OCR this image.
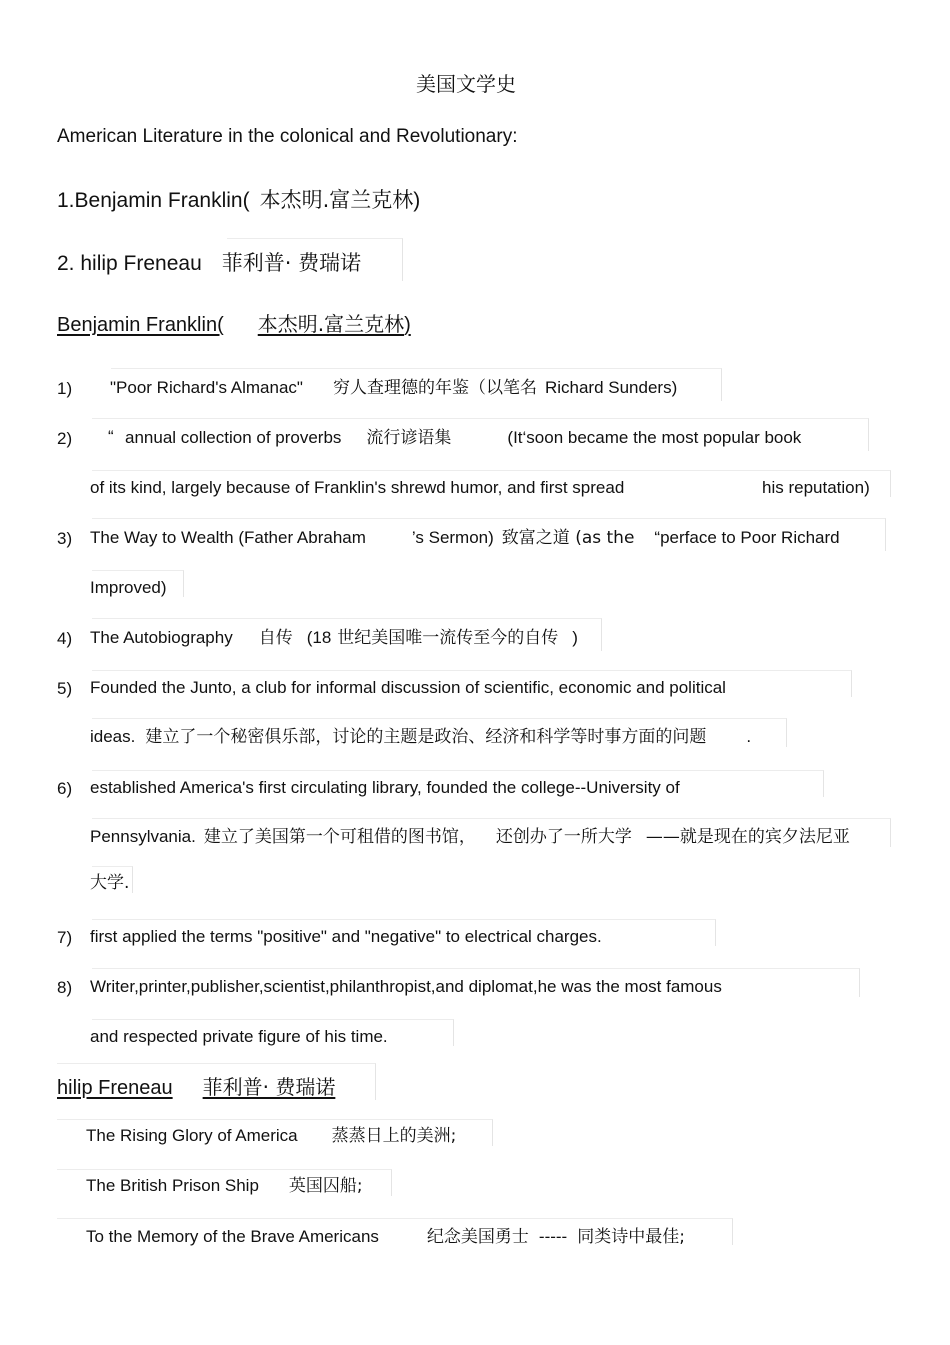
美国文学史
American Literature in the colonical and Revolutionary:
1.Benjamin Franklin( 本杰明.富兰克林)
2. hilip Freneau 菲利普· 费瑞诺
Benjamin Franklin( 本杰明.富兰克林)
1) "Poor Richard's Almanac" 穷人查理德的年鉴（以笔名 Richard Sunders)
2) “ annual collection of proverbs 流行谚语集	(It‘soon became the most popular book
of its kind, largely because of Franklin's shrewd humor, and first spread	his reputation)
3) The Way to Wealth (Father Abraham	’s Sermon) 致富之道 (as the “perface to Poor Richard
Improved)
4) The Autobiography 自传 (18 世纪美国唯一流传至今的自传 )
5) Founded the Junto, a club for informal discussion of scientific, economic and political
ideas. 建立了一个秘密俱乐部，讨论的主题是政治、经济和科学等时事方面的问题 .
6) established America's first circulating library, founded the college--University of
Pennsylvania. 建立了美国第一个可租借的图书馆， 还创办了一所大学 ——就是现在的宾夕法尼亚
大学.
7) first applied the terms "positive" and "negative" to electrical charges.
8) Writer,printer,publisher,scientist,philanthropist,and diplomat,he was the most famous
and respected private figure of his time.
hilip Freneau 菲利普· 费瑞诺
The Rising Glory of America 蒸蒸日上的美洲;
The British Prison Ship 英国囚船;
To the Memory of the Brave Americans	纪念美国勇士 ----- 同类诗中最佳;
